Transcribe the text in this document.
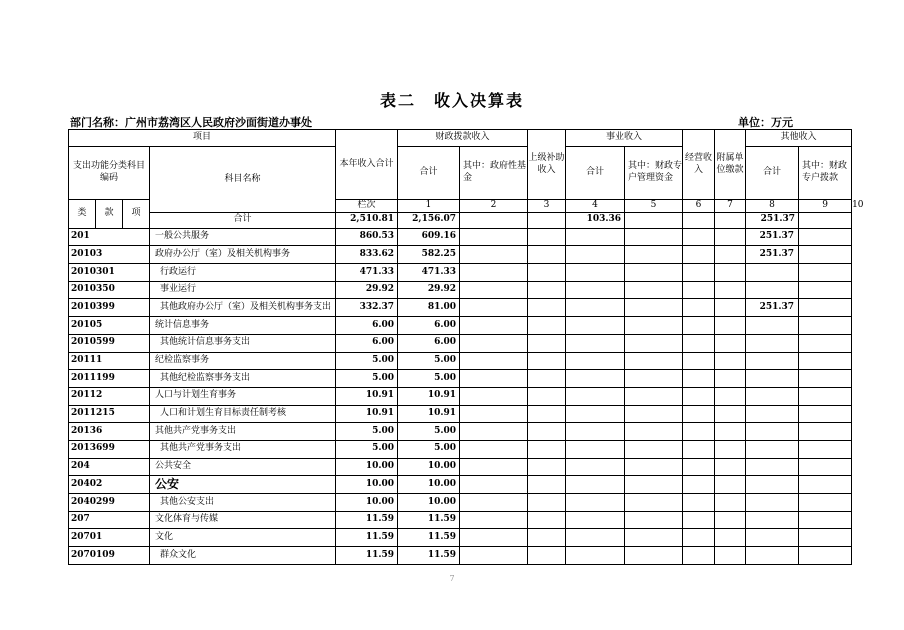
表二　收入决算表
部门名称：广州市荔湾区人民政府沙面街道办事处	单位：万元
项目				本年收入合计	财政拨款收入		上级补助收入	事业收入		经营收入	附属单位缴款	其他收入		
支出功能分类科目编码			科目名称		合计	其中：政府性基金		合计	其中：财政专户管理资金			合计	其中：财政专户拨款	
类	款	项		栏次	1	2	3	4	5	6	7	8	9	10
			合计	2,510.81	2,156.07			103.36				251.37		
201			一般公共服务	860.53	609.16							251.37		
20103			政府办公厅（室）及相关机构事务	833.62	582.25							251.37		
2010301			行政运行	471.33	471.33									
2010350			事业运行	29.92	29.92									
2010399			其他政府办公厅（室）及相关机构事务支出	332.37	81.00							251.37		
20105			统计信息事务	6.00	6.00									
2010599			其他统计信息事务支出	6.00	6.00									
20111			纪检监察事务	5.00	5.00									
2011199			其他纪检监察事务支出	5.00	5.00									
20112			人口与计划生育事务	10.91	10.91									
2011215			人口和计划生育目标责任制考核	10.91	10.91									
20136			其他共产党事务支出	5.00	5.00									
2013699			其他共产党事务支出	5.00	5.00									
204			公共安全	10.00	10.00									
20402			公安	10.00	10.00									
2040299			其他公安支出	10.00	10.00									
207			文化体育与传媒	11.59	11.59									
20701			文化	11.59	11.59									
2070109			群众文化	11.59	11.59									
7
